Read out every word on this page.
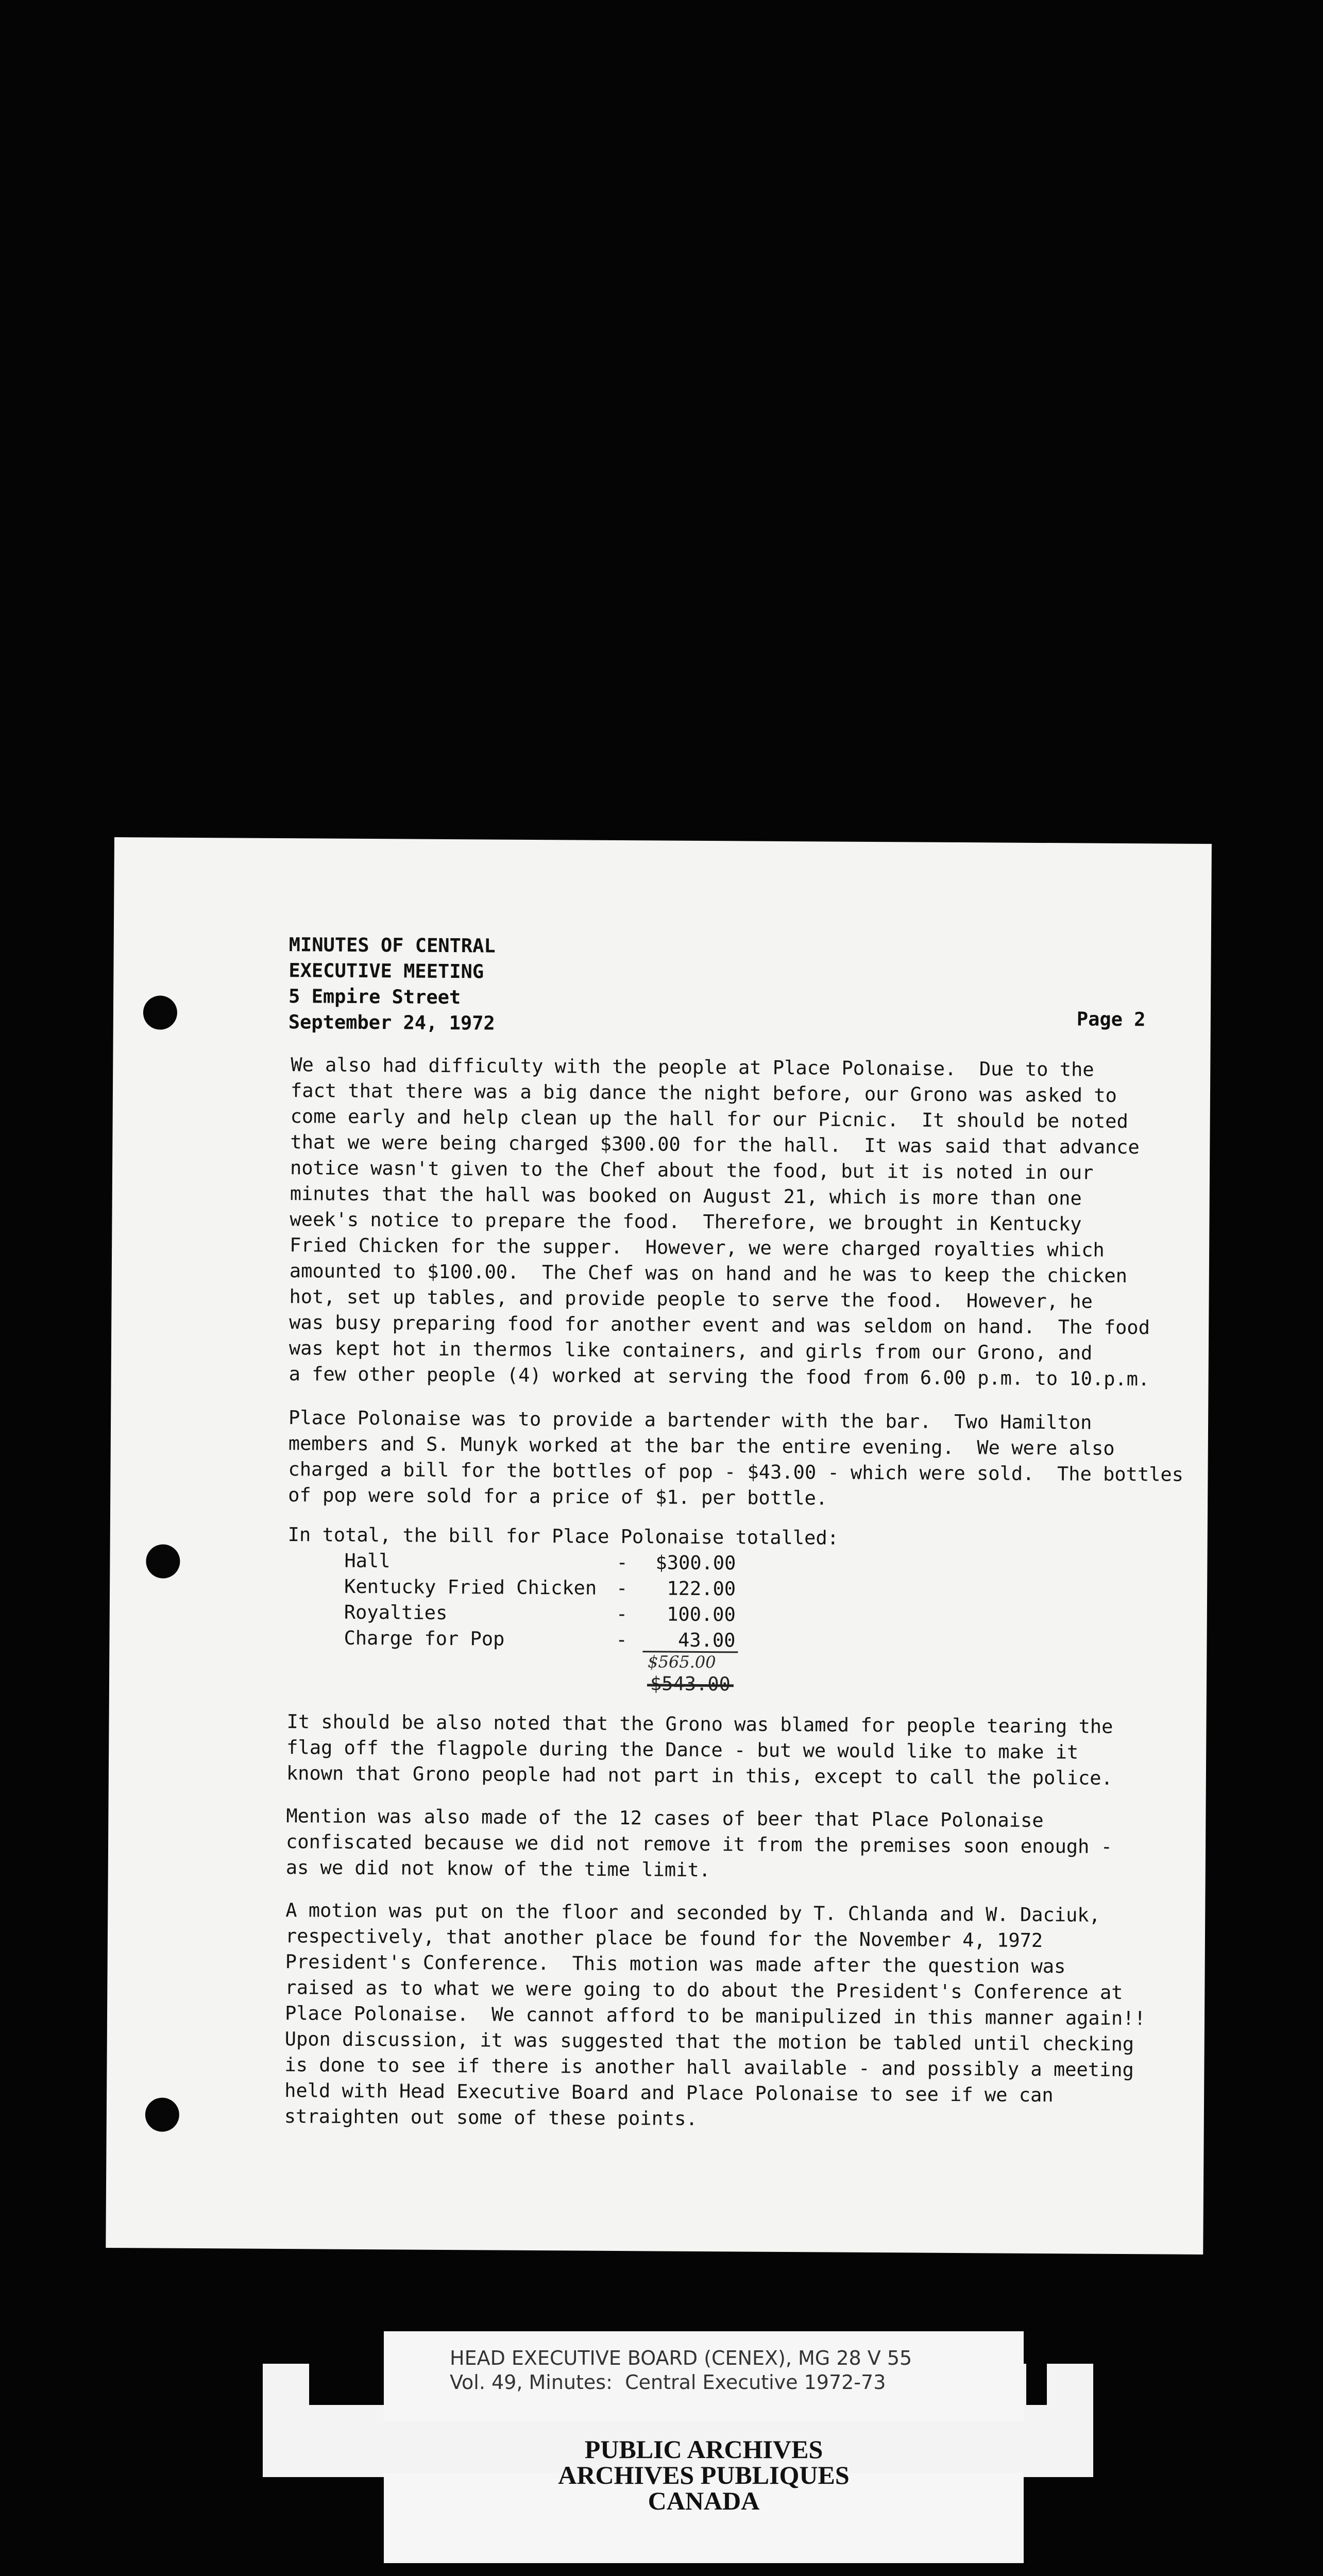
MINUTES OF CENTRAL
EXECUTIVE MEETING
5 Empire Street
September 24, 1972	Page 2
We also had difficulty with the people at Place Polonaise.  Due to the
fact that there was a big dance the night before, our Grono was asked to
come early and help clean up the hall for our Picnic.  It should be noted
that we were being charged $300.00 for the hall.  It was said that advance
notice wasn't given to the Chef about the food, but it is noted in our
minutes that the hall was booked on August 21, which is more than one
week's notice to prepare the food.  Therefore, we brought in Kentucky
Fried Chicken for the supper.  However, we were charged royalties which
amounted to $100.00.  The Chef was on hand and he was to keep the chicken
hot, set up tables, and provide people to serve the food.  However, he
was busy preparing food for another event and was seldom on hand.  The food
was kept hot in thermos like containers, and girls from our Grono, and
a few other people (4) worked at serving the food from 6.00 p.m. to 10.p.m.
Place Polonaise was to provide a bartender with the bar.  Two Hamilton
members and S. Munyk worked at the bar the entire evening.  We were also
charged a bill for the bottles of pop - $43.00 - which were sold.  The bottles
of pop were sold for a price of $1. per bottle.
In total, the bill for Place Polonaise totalled:
Hall	-	$300.00
Kentucky Fried Chicken -	122.00
Royalties	-	100.00
Charge for Pop	-	43.00
$565.00
$543.00
It should be also noted that the Grono was blamed for people tearing the
flag off the flagpole during the Dance - but we would like to make it
known that Grono people had not part in this, except to call the police.
Mention was also made of the 12 cases of beer that Place Polonaise
confiscated because we did not remove it from the premises soon enough -
as we did not know of the time limit.
A motion was put on the floor and seconded by T. Chlanda and W. Daciuk,
respectively, that another place be found for the November 4, 1972
President's Conference.  This motion was made after the question was
raised as to what we were going to do about the President's Conference at
Place Polonaise.  We cannot afford to be manipulized in this manner again!!
Upon discussion, it was suggested that the motion be tabled until checking
is done to see if there is another hall available - and possibly a meeting
held with Head Executive Board and Place Polonaise to see if we can
straighten out some of these points.
HEAD EXECUTIVE BOARD (CENEX), MG 28 V 55
Vol. 49, Minutes:  Central Executive 1972-73
PUBLIC ARCHIVES
ARCHIVES PUBLIQUES
CANADA
